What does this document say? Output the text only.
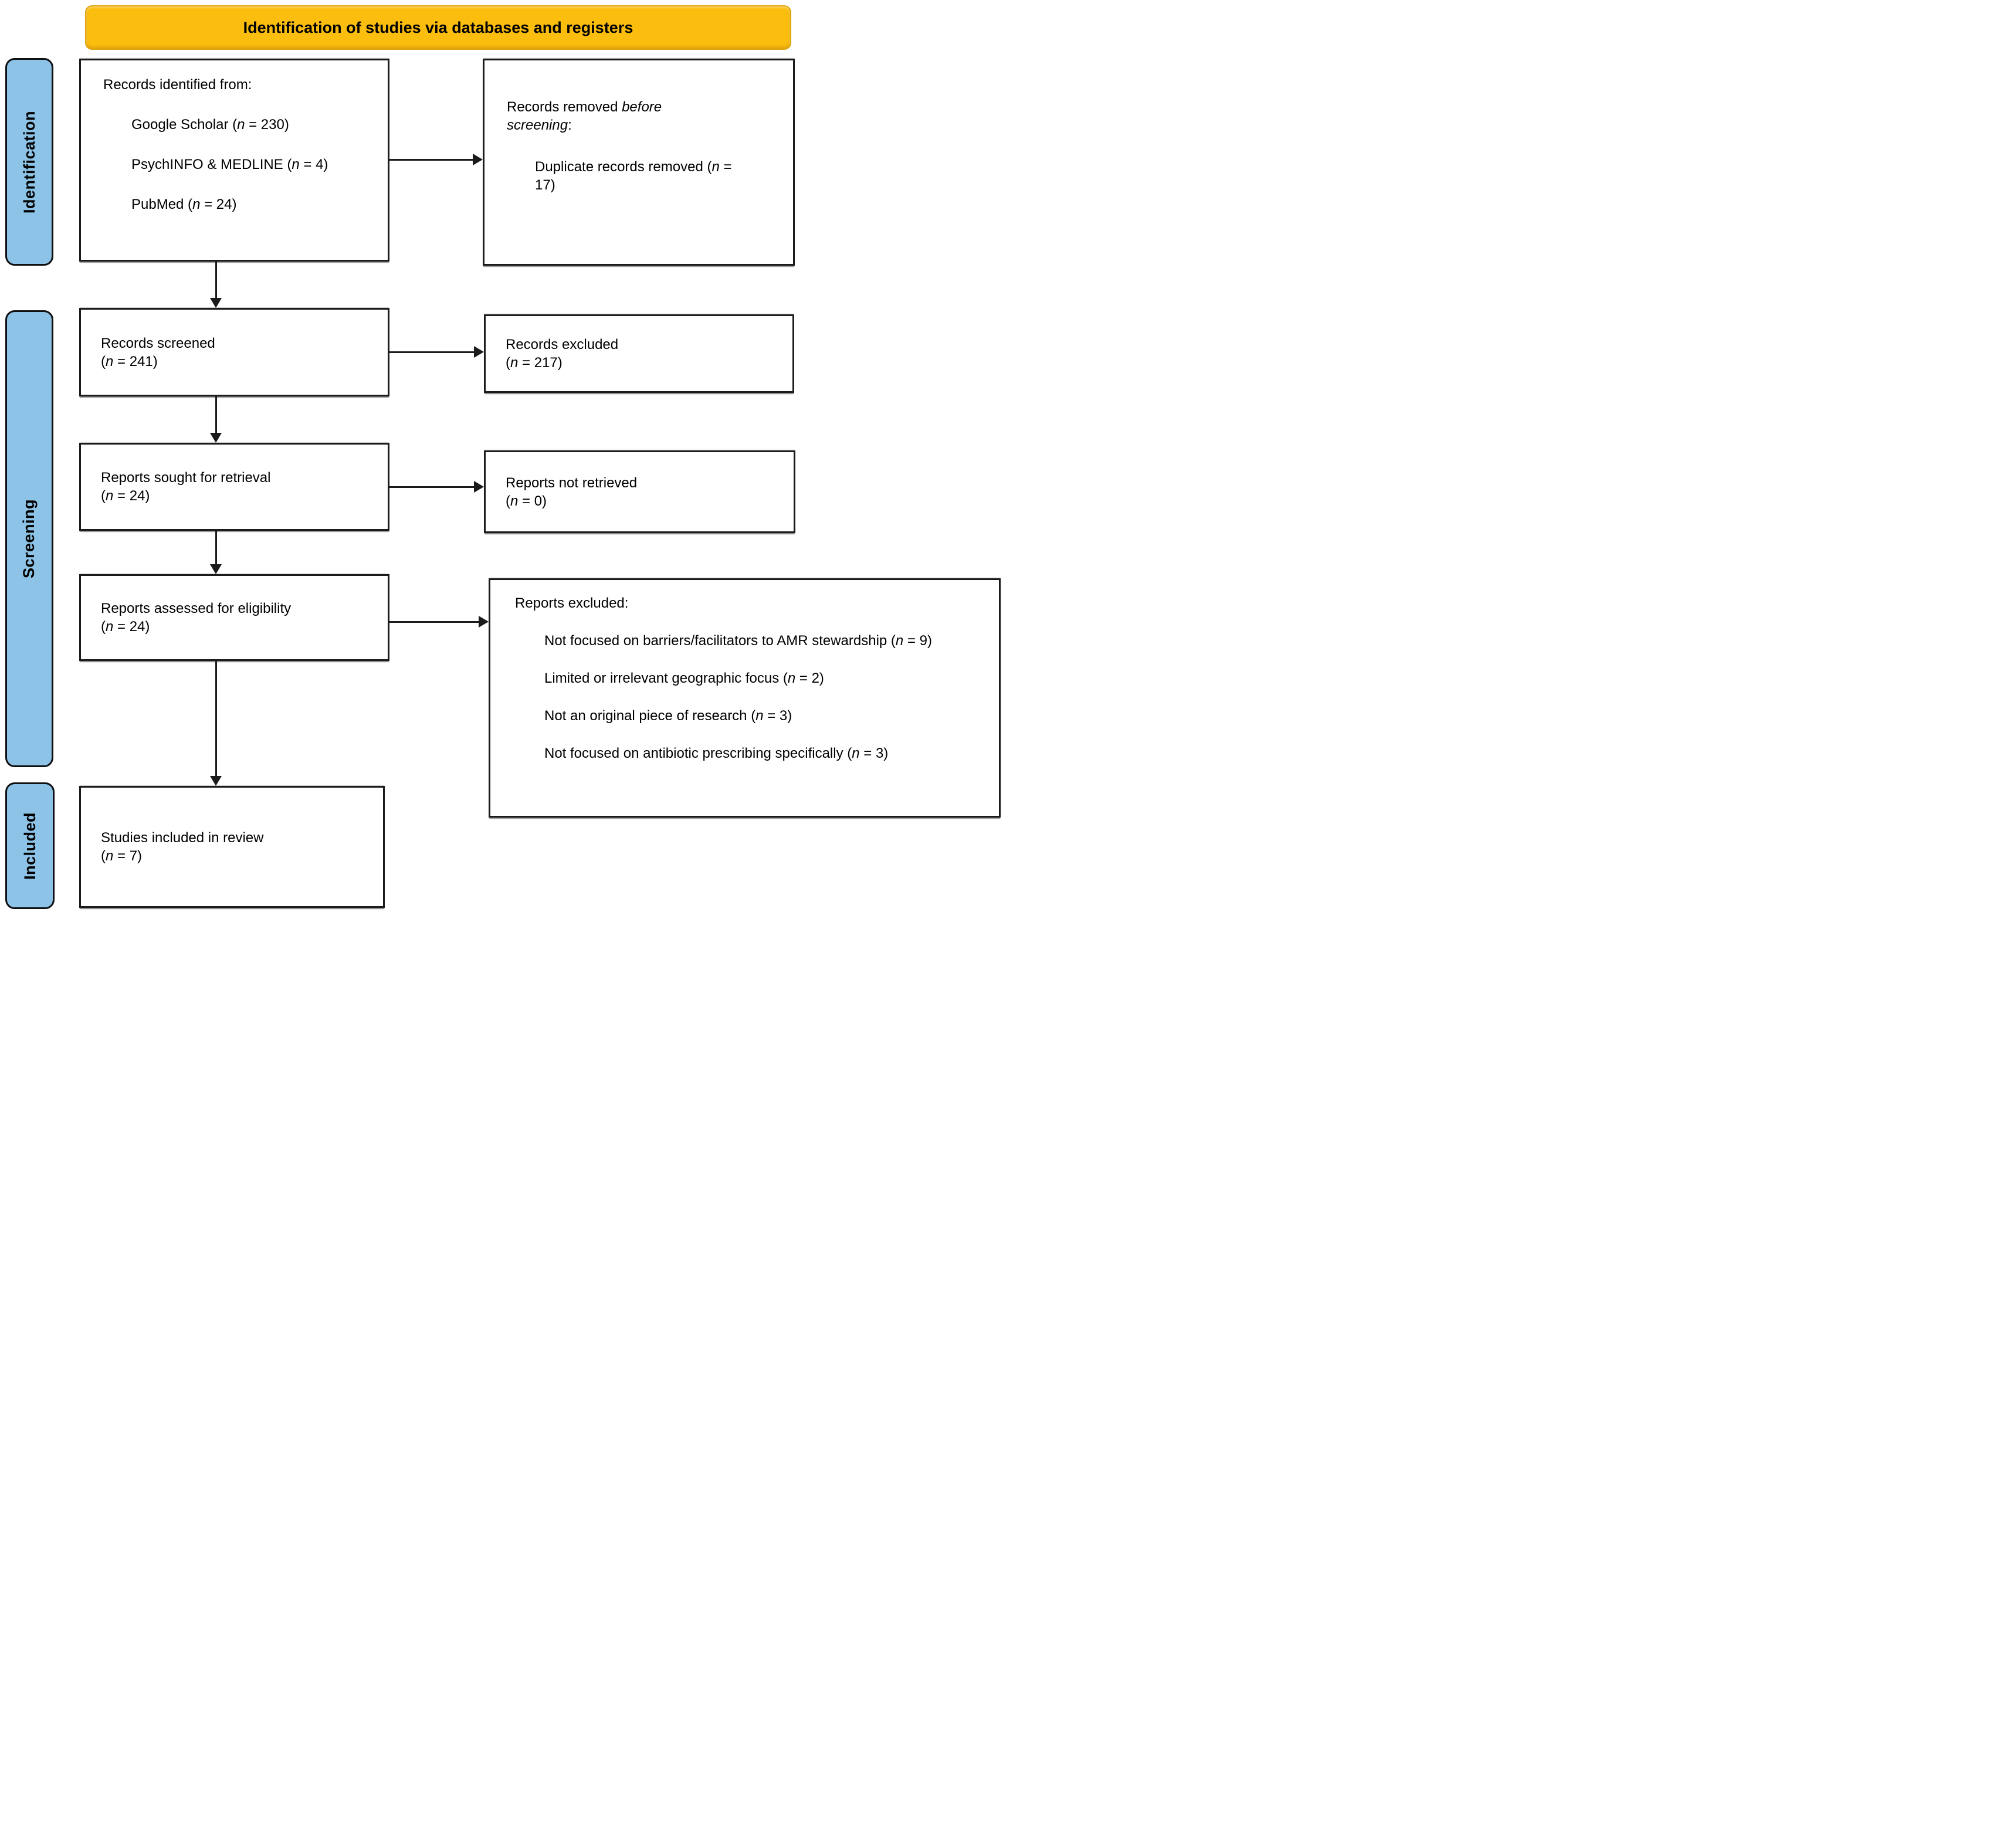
Identification of studies via databases and registers
Identification
Screening
Included
Records identified from:
Google Scholar (n = 230)
PsychINFO & MEDLINE (n = 4)
PubMed (n = 24)
Records removed before screening:
Duplicate records removed (n = 17)
Records screened
(n = 241)
Records excluded
(n = 217)
Reports sought for retrieval
(n = 24)
Reports not retrieved
(n = 0)
Reports assessed for eligibility
(n = 24)
Reports excluded:
Not focused on barriers/facilitators to AMR stewardship (n = 9)
Limited or irrelevant geographic focus (n = 2)
Not an original piece of research (n = 3)
Not focused on antibiotic prescribing specifically (n = 3)
Studies included in review
(n = 7)
